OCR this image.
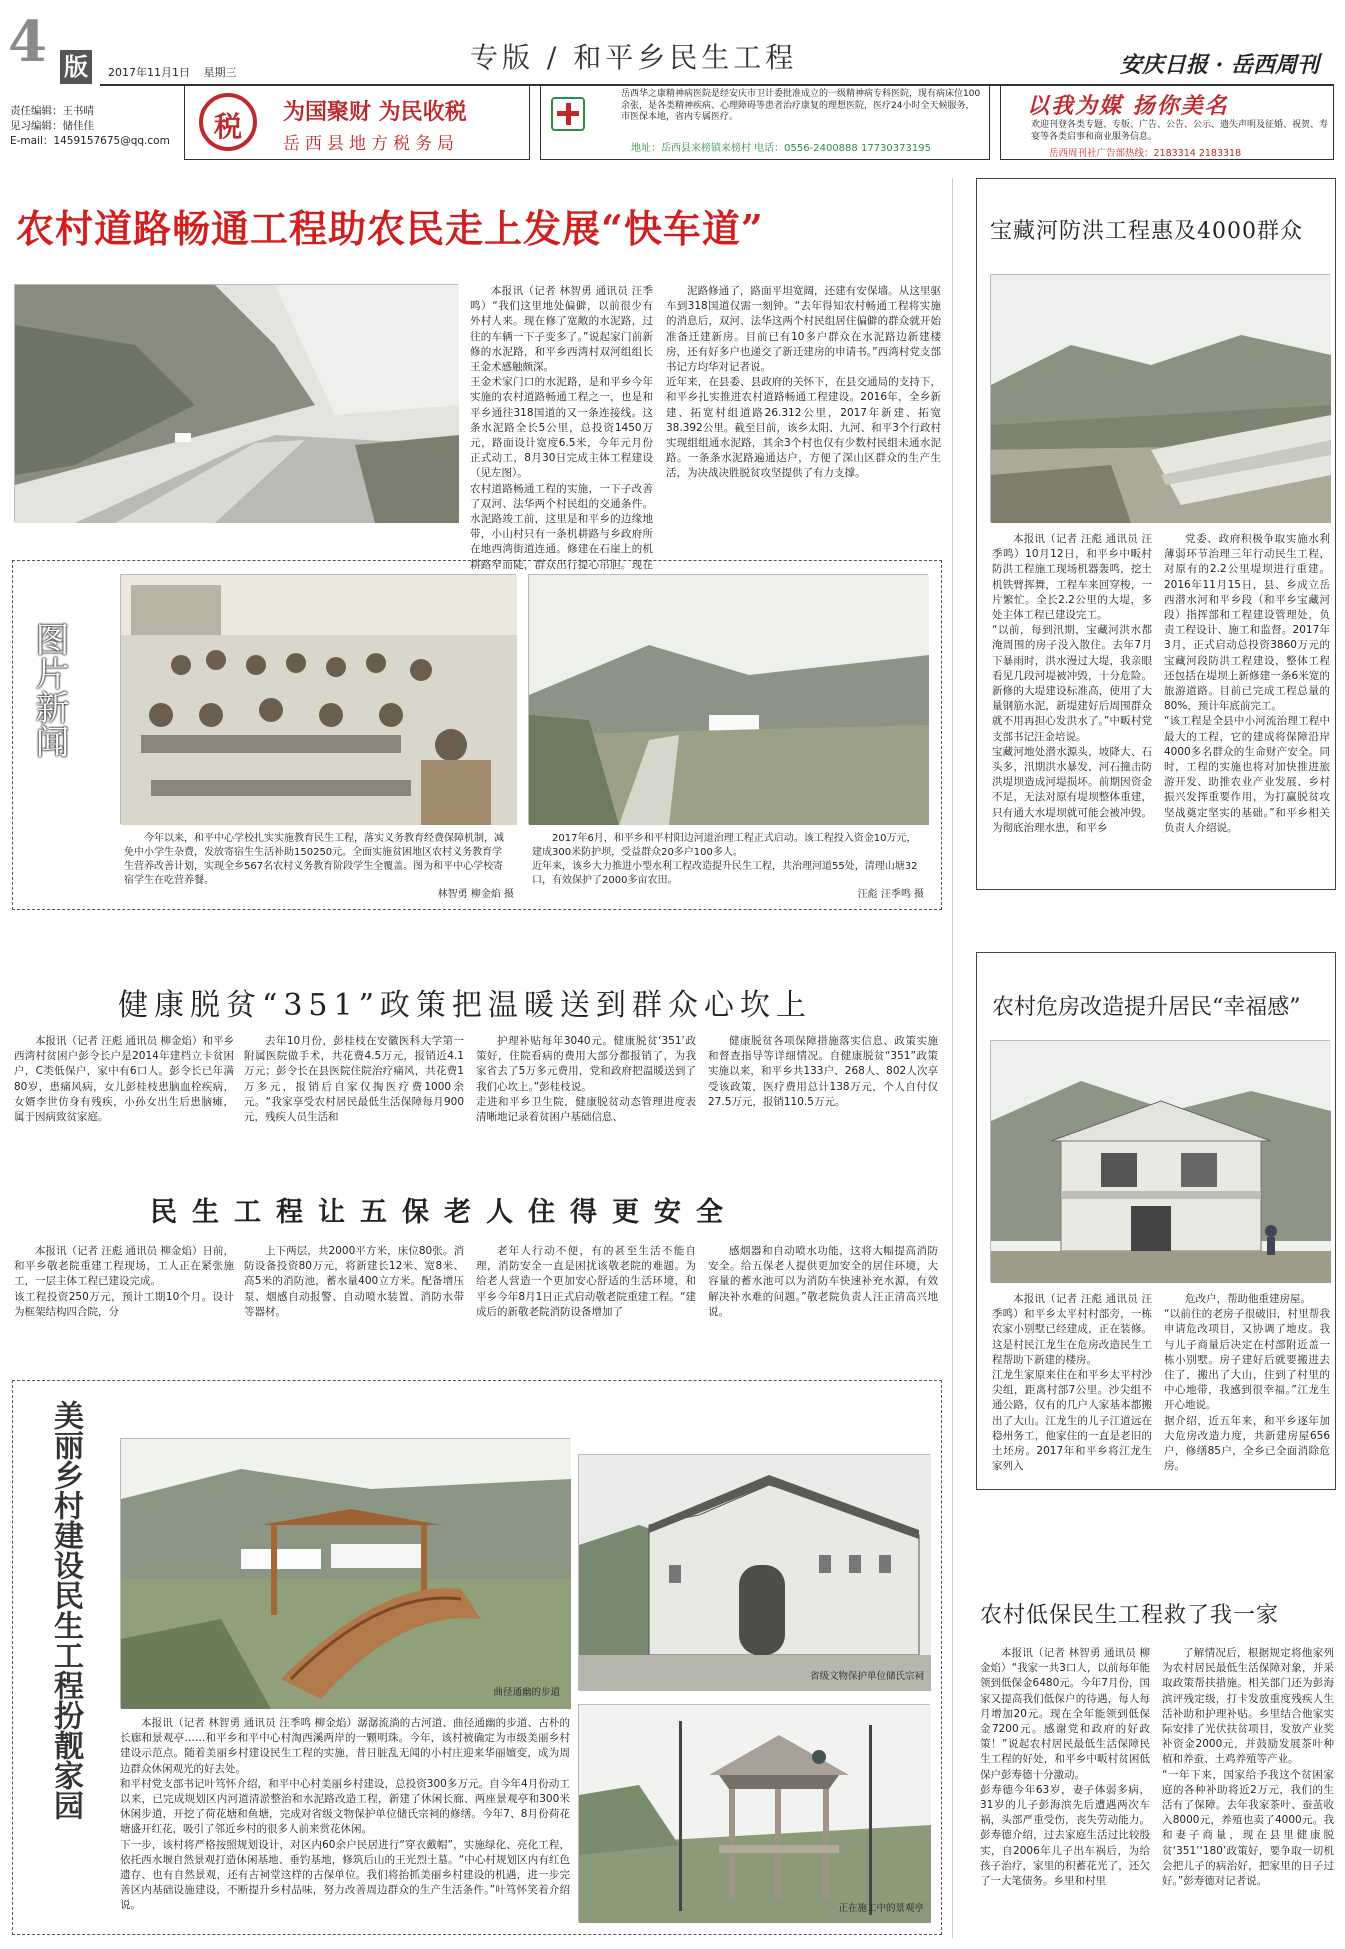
4 版	2017年11月1日 星期三	专版 / 和平乡民生工程	安庆日报 · 岳西周刊
责任编辑：王书晴
见习编辑：储佳佳
E-mail：1459157675@qq.com	税	为国聚财 为民收税
岳西县地方税务局
岳西华之康精神病医院是经安庆市卫计委批准成立的一级精神病专科医院，现有病床位100余张，是各类精神疾病、心理障碍等患者治疗康复的理想医院，医疗24小时全天候服务，市医保本地，省内专属医疗。
地址：岳西县来榜镇来榜村 电话：0556-2400888 17730373195
以我为媒 扬你美名
欢迎刊登各类专题、专版、广告、公告、公示、遗失声明及征婚、祝贺、寿宴等各类启事和商业服务信息。
岳西周刊社广告部热线：2183314 2183318
农村道路畅通工程助农民走上发展“快车道”
本报讯（记者 林智勇 通讯员 汪季鸣）“我们这里地处偏僻，以前很少有外村人来。现在修了宽敞的水泥路，过往的车辆一下子变多了。”说起家门前新修的水泥路，和平乡西湾村双河组组长王金术感触颇深。
王金术家门口的水泥路，是和平乡今年实施的农村道路畅通工程之一，也是和平乡通往318国道的又一条连接线。这条水泥路全长5公里，总投资1450万元，路面设计宽度6.5米，今年元月份正式动工，8月30日完成主体工程建设（见左图）。
农村道路畅通工程的实施，一下子改善了双河、法华两个村民组的交通条件。水泥路竣工前，这里是和平乡的边缘地带，小山村只有一条机耕路与乡政府所在地西湾街道连通。修建在石崖上的机耕路窄而陡，群众出行提心吊胆。现在
泥路修通了，路面平坦宽阔，还建有安保墙。从这里驱车到318国道仅需一刻钟。“去年得知农村畅通工程将实施的消息后，双河、法华这两个村民组居住偏僻的群众就开始准备迁建新房。目前已有10多户群众在水泥路边新建楼房，还有好多户也递交了新迁建房的申请书。”西湾村党支部书记方均华对记者说。
近年来，在县委、县政府的关怀下，在县交通局的支持下，和平乡扎实推进农村道路畅通工程建设。2016年，全乡新建、拓宽村组道路26.312公里，2017年新建、拓宽38.392公里。截至目前，该乡太阳、九河、和平3个行政村实现组组通水泥路，其余3个村也仅有少数村民组未通水泥路。一条条水泥路遍通达户，方便了深山区群众的生产生活，为决战决胜脱贫攻坚提供了有力支撑。
图片新闻
今年以来，和平中心学校扎实实施教育民生工程，落实义务教育经费保障机制，减免中小学生杂费，发放寄宿生生活补助150250元。全面实施贫困地区农村义务教育学生营养改善计划，实现全乡567名农村义务教育阶段学生全覆盖。图为和平中心学校寄宿学生在吃营养餐。
林智勇 柳金焰 摄
2017年6月，和平乡和平村阳边河道治理工程正式启动。该工程投入资金10万元，建成300米防护坝，受益群众20多户100多人。
近年来，该乡大力推进小型水利工程改造提升民生工程，共治理河道55处，清理山塘32口，有效保护了2000多亩农田。
汪彪 汪季鸣 摄
健康脱贫“351”政策把温暖送到群众心坎上
本报讯（记者 汪彪 通讯员 柳金焰）和平乡西湾村贫困户彭令长户是2014年建档立卡贫困户，C类低保户，家中有6口人。彭令长已年满80岁，患痛风病，女儿彭桂枝患脑血栓疾病，女婿李世仿身有残疾，小孙女出生后患脑瘫，属于因病致贫家庭。
去年10月份，彭桂枝在安徽医科大学第一附属医院做手术，共花费4.5万元，报销近4.1万元；彭令长在县医院住院治疗痛风，共花费1万多元，报销后自家仅掏医疗费1000余元。“我家享受农村居民最低生活保障每月900元，残疾人员生活和
护理补贴每年3040元。健康脱贫‘351’政策好，住院看病的费用大部分都报销了，为我家省去了5万多元费用，党和政府把温暖送到了我们心坎上。”彭桂枝说。
走进和平乡卫生院，健康脱贫动态管理进度表清晰地记录着贫困户基础信息、
健康脱贫各项保障措施落实信息、政策实施和督查指导等详细情况。自健康脱贫“351”政策实施以来，和平乡共133户、268人、802人次享受该政策，医疗费用总计138万元，个人自付仅27.5万元，报销110.5万元。
民生工程让五保老人住得更安全
本报讯（记者 汪彪 通讯员 柳金焰）日前，和平乡敬老院重建工程现场，工人正在紧张施工，一层主体工程已建设完成。
该工程投资250万元，预计工期10个月。设计为框架结构四合院，分
上下两层，共2000平方米，床位80张。消防设备投资80万元，将新建长12米、宽8米、高5米的消防池，蓄水量400立方米。配备增压泵、烟感自动报警、自动喷水装置、消防水带等器材。
老年人行动不便，有的甚至生活不能自理，消防安全一直是困扰该敬老院的难题。为给老人营造一个更加安心舒适的生活环境，和平乡今年8月1日正式启动敬老院重建工程。“建成后的新敬老院消防设备增加了
感烟器和自动喷水功能，这将大幅提高消防安全。给五保老人提供更加安全的居住环境，大容量的蓄水池可以为消防车快速补充水源，有效解决补水难的问题。”敬老院负责人汪正清高兴地说。
美丽乡村建设民生工程扮靓家园	曲径通幽的步道
省级文物保护单位储氏宗祠
本报讯（记者 林智勇 通讯员 汪季鸣 柳金焰）潺潺流淌的古河道、曲径通幽的步道、古朴的长廊和景观亭……和平乡和平中心村淘西溪两岸的一颗明珠。今年，该村被确定为市级美丽乡村建设示范点。随着美丽乡村建设民生工程的实施，昔日脏乱无闻的小村庄迎来华丽嬗变，成为周边群众休闲观光的好去处。
和平村党支部书记叶笃怀介绍，和平中心村美丽乡村建设，总投资300多万元。自今年4月份动工以来，已完成规划区内河道清淤整治和水泥路改造工程，新建了休闲长廊、两座景观亭和300米休闲步道，开挖了荷花塘和鱼塘，完成对省级文物保护单位储氏宗祠的修缮。今年7、8月份荷花塘盛开红花，吸引了邻近乡村的很多人前来赏花休闲。
下一步，该村将严格按照规划设计，对区内60余户民居进行“穿衣戴帽”，实施绿化、亮化工程，依托西水堰自然景观打造休闲基地、垂钓基地，修筑后山的王光烈土墓。“中心村规划区内有红色遗存、也有自然景观，还有古祠堂这样的古保单位。我们将抬抓美丽乡村建设的机遇，进一步完善区内基础设施建设，不断提升乡村品味，努力改善周边群众的生产生活条件。”叶笃怀笑着介绍说。	正在施工中的景观亭
宝藏河防洪工程惠及4000群众
本报讯（记者 汪彪 通讯员 汪季鸣）10月12日，和平乡中畈村防洪工程施工现场机器轰鸣，挖土机铁臂挥舞，工程车来回穿梭，一片繁忙。全长2.2公里的大堤，多处主体工程已建设完工。
“以前，每到汛期，宝藏河洪水都淹周围的房子没入散住。去年7月下暴雨时，洪水漫过大堤，我亲眼看见几段河堤被冲毁，十分危险。新修的大堤建设标准高，使用了大量钢筋水泥，新堤建好后周围群众就不用再担心发洪水了。”中畈村党支部书记汪金培说。
宝藏河地处潜水源头，坡降大、石头多，汛期洪水暴发，河石撞击防洪堤坝造成河堤损坏。前期因资金不足，无法对原有堤坝整体重建，只有通大水堤坝就可能会被冲毁。为彻底治理水患，和平乡
党委、政府积极争取实施水利薄弱环节治理三年行动民生工程，对原有的2.2公里堤坝进行重建。2016年11月15日，县、乡成立岳西潜水河和平乡段（和平乡宝藏河段）指挥部和工程建设管理处，负责工程设计、施工和监督。2017年3月，正式启动总投资3860万元的宝藏河段防洪工程建设，整体工程还包括在堤坝上新修建一条6米宽的旅游道路。目前已完成工程总量的80%，预计年底前完工。
“该工程是全县中小河流治理工程中最大的工程，它的建成将保障沿岸4000多名群众的生命财产安全。同时，工程的实施也将对加快推进旅游开发、助推农业产业发展、乡村振兴发挥重要作用，为打赢脱贫攻坚战奠定坚实的基础。”和平乡相关负责人介绍说。
农村危房改造提升居民“幸福感”
本报讯（记者 汪彪 通讯员 汪季鸣）和平乡太平村村部旁，一栋农家小别墅已经建成，正在装修。这是村民江龙生在危房改造民生工程帮助下新建的楼房。
江龙生家原来住在和平乡太平村沙尖组，距离村部7公里。沙尖组不通公路，仅有的几户人家基本都搬出了大山。江龙生的儿子江道远在稳州务工，他家住的一直是老旧的土坯房。2017年和平乡将江龙生家列入
危改户，帮助他重建房屋。
“以前住的老房子很破旧，村里帮我申请危改项目，又协调了地皮。我与儿子商量后决定在村部附近盖一栋小别墅。房子建好后就要搬进去住了，搬出了大山，住到了村里的中心地带，我感到很幸福。”江龙生开心地说。
据介绍，近五年来，和平乡逐年加大危房改造力度，共新建房屋656户，修缮85户，全乡已全面消除危房。
农村低保民生工程救了我一家
本报讯（记者 林智勇 通讯员 柳金焰）“我家一共3口人，以前每年能领到低保金6480元。今年7月份，国家又提高我们低保户的待遇，每人每月增加20元。现在全年能领到低保金7200元。感谢党和政府的好政策！”说起农村居民最低生活保障民生工程的好处，和平乡中畈村贫困低保户彭寿德十分激动。
彭寿德今年63岁，妻子体弱多病，31岁的儿子彭海滨先后遭遇两次车祸，头部严重受伤，丧失劳动能力。彭寿德介绍，过去家庭生活过比较殷实，自2006年儿子出车祸后，为给孩子治疗，家里的积蓄花光了，还欠了一大笔债务。乡里和村里
了解情况后，根据规定将他家列为农村居民最低生活保障对象，并采取政策帮扶措施。相关部门还为彭海滨评残定级，打卡发放重度残疾人生活补助和护理补贴。乡里结合他家实际安排了光伏扶贫项目，发放产业奖补资金2000元，并鼓励发展茶叶种植和养蚕、土鸡养殖等产业。
“一年下来，国家给予我这个贫困家庭的各种补助将近2万元，我们的生活有了保障。去年我家茶叶、蚕茧收入8000元，养殖也卖了4000元。我和妻子商量，现在县里健康脱贫‘351’‘180’政策好，要争取一切机会把儿子的病治好，把家里的日子过好。”彭寿德对记者说。
